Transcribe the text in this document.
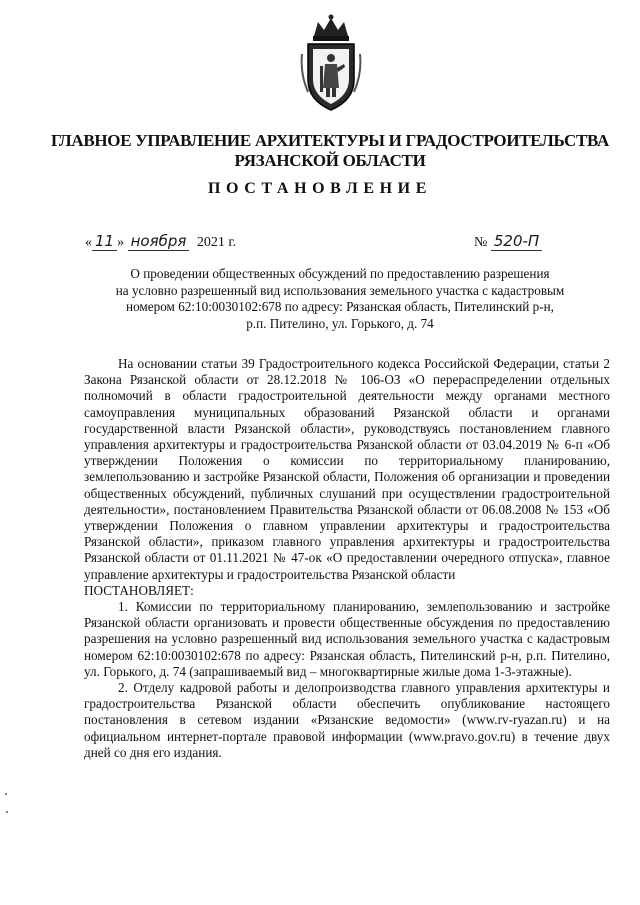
ГЛАВНОЕ УПРАВЛЕНИЕ АРХИТЕКТУРЫ И ГРАДОСТРОИТЕЛЬСТВА
РЯЗАНСКОЙ ОБЛАСТИ
ПОСТАНОВЛЕНИЕ
« 11 » ноября 2021 г.	№ 520-П
О проведении общественных обсуждений по предоставлению разрешения
на условно разрешенный вид использования земельного участка с кадастровым
номером 62:10:0030102:678 по адресу: Рязанская область, Пителинский р-н,
р.п. Пителино, ул. Горького, д. 74

На основании статьи 39 Градостроительного кодекса Российской Федерации, статьи 2 Закона Рязанской области от 28.12.2018 № 106-ОЗ «О перераспределении отдельных полномочий в области градостроительной деятельности между органами местного самоуправления муниципальных образований Рязанской области и органами государственной власти Рязанской области», руководствуясь постановлением главного управления архитектуры и градостроительства Рязанской области от 03.04.2019 № 6-п «Об утверждении Положения о комиссии по территориальному планированию, землепользованию и застройке Рязанской области, Положения об организации и проведении общественных обсуждений, публичных слушаний при осуществлении градостроительной деятельности», постановлением Правительства Рязанской области от 06.08.2008 № 153 «Об утверждении Положения о главном управлении архитектуры и градостроительства Рязанской области», приказом главного управления архитектуры и градостроительства Рязанской области от 01.11.2021 № 47-ок «О предоставлении очередного отпуска», главное управление архитектуры и градостроительства Рязанской области

ПОСТАНОВЛЯЕТ:

1. Комиссии по территориальному планированию, землепользованию и застройке Рязанской области организовать и провести общественные обсуждения по предоставлению разрешения на условно разрешенный вид использования земельного участка с кадастровым номером 62:10:0030102:678 по адресу: Рязанская область, Пителинский р-н, р.п. Пителино, ул. Горького, д. 74 (запрашиваемый вид – многоквартирные жилые дома 1-3-этажные).

2. Отделу кадровой работы и делопроизводства главного управления архитектуры и градостроительства Рязанской области обеспечить опубликование настоящего постановления в сетевом издании «Рязанские ведомости» (www.rv-ryazan.ru) и на официальном интернет-портале правовой информации (www.pravo.gov.ru) в течение двух дней со дня его издания.
